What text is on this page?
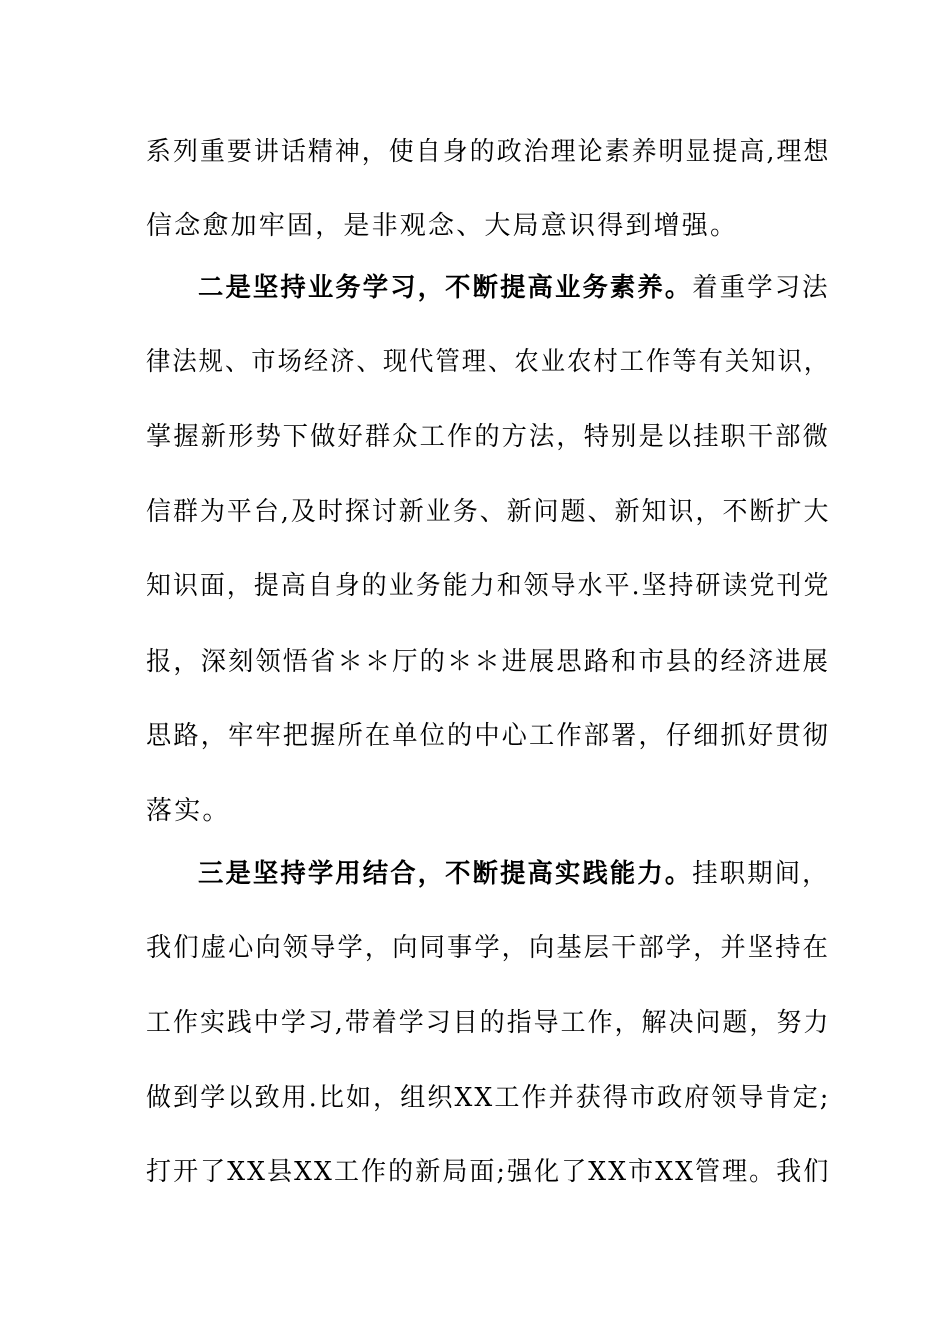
系列重要讲话精神，使自身的政治理论素养明显提高,理想
信念愈加牢固，是非观念、大局意识得到增强。
二是坚持业务学习，不断提高业务素养。着重学习法
律法规、市场经济、现代管理、农业农村工作等有关知识，
掌握新形势下做好群众工作的方法，特别是以挂职干部微
信群为平台,及时探讨新业务、新问题、新知识，不断扩大
知识面，提高自身的业务能力和领导水平.坚持研读党刊党
报，深刻领悟省＊＊厅的＊＊进展思路和市县的经济进展
思路，牢牢把握所在单位的中心工作部署，仔细抓好贯彻
落实。
三是坚持学用结合，不断提高实践能力。挂职期间，
我们虚心向领导学，向同事学，向基层干部学，并坚持在
工作实践中学习,带着学习目的指导工作，解决问题，努力
做到学以致用.比如，组织XX工作并获得市政府领导肯定;
打开了XX县XX工作的新局面;强化了XX市XX管理。我们
